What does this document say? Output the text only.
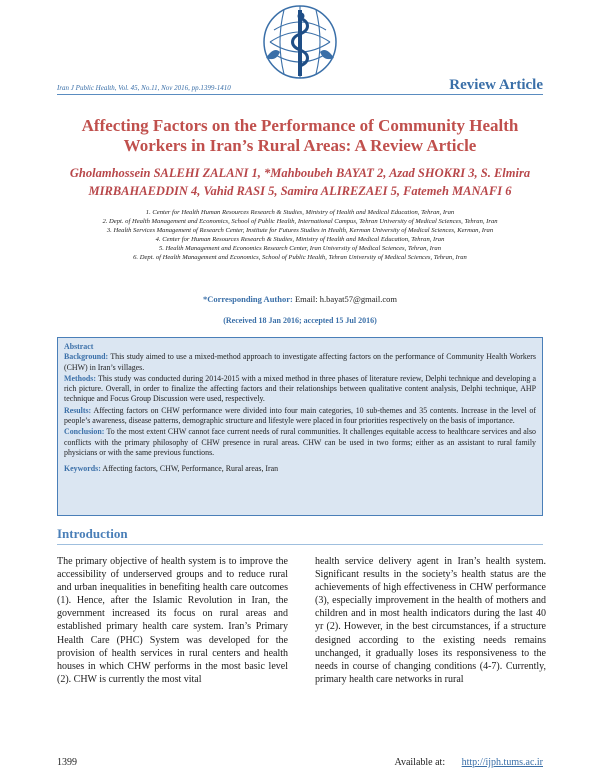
Iran J Public Health, Vol. 45, No.11, Nov 2016, pp.1399-1410	Review Article
Affecting Factors on the Performance of Community Health Workers in Iran’s Rural Areas: A Review Article
Gholamhossein SALEHI ZALANI 1, *Mahboubeh BAYAT 2, Azad SHOKRI 3, S. Elmira MIRBAHAEDDIN 4, Vahid RASI 5, Samira ALIREZAEI 5, Fatemeh MANAFI 6
1. Center for Health Human Resources Research & Studies, Ministry of Health and Medical Education, Tehran, Iran
2. Dept. of Health Management and Economics, School of Public Health, International Campus, Tehran University of Medical Sciences, Tehran, Iran
3. Health Services Management of Research Center, Institute for Futures Studies in Health, Kerman University of Medical Sciences, Kerman, Iran
4. Center for Human Resources Research & Studies, Ministry of Health and Medical Education, Tehran, Iran
5. Health Management and Economics Research Center, Iran University of Medical Sciences, Tehran, Iran
6. Dept. of Health Management and Economics, School of Public Health, Tehran University of Medical Sciences, Tehran, Iran
*Corresponding Author: Email: h.bayat57@gmail.com
(Received 18 Jan 2016; accepted 15 Jul 2016)
Abstract
Background: This study aimed to use a mixed-method approach to investigate affecting factors on the performance of Community Health Workers (CHW) in Iran’s villages.
Methods: This study was conducted during 2014-2015 with a mixed method in three phases of literature review, Delphi technique and developing a rich picture. Overall, in order to finalize the affecting factors and their relationships between qualitative content analysis, Delphi technique, AHP technique and Focus Group Discussion were used, respectively.
Results: Affecting factors on CHW performance were divided into four main categories, 10 sub-themes and 35 contents. Increase in the level of people’s awareness, disease patterns, demographic structure and lifestyle were placed in four priorities respectively on the basis of importance.
Conclusion: To the most extent CHW cannot face current needs of rural communities. It challenges equitable access to healthcare services and also conflicts with the primary philosophy of CHW presence in rural areas. CHW can be used in two forms; either as an assistant to rural family physicians or with the same previous functions.
Keywords: Affecting factors, CHW, Performance, Rural areas, Iran
Introduction

The primary objective of health system is to improve the accessibility of underserved groups and to reduce rural and urban inequalities in benefiting health care outcomes (1). Hence, after the Islamic Revolution in Iran, the government increased its focus on rural areas and established primary health care system. Iran’s Primary Health Care (PHC) System was developed for the provision of health services in rural centers and health houses in which CHW performs in the most basic level (2). CHW is currently the most vital

health service delivery agent in Iran’s health system. Significant results in the society’s health status are the achievements of high effectiveness in CHW performance (3), especially improvement in the health of mothers and children and in most health indicators during the last 40 yr (2). However, in the best circumstances, if a structure designed according to the existing needs remains unchanged, it gradually loses its responsiveness to the needs in course of changing conditions (4-7). Currently, primary health care networks in rural

1399	Available at: http://ijph.tums.ac.ir
